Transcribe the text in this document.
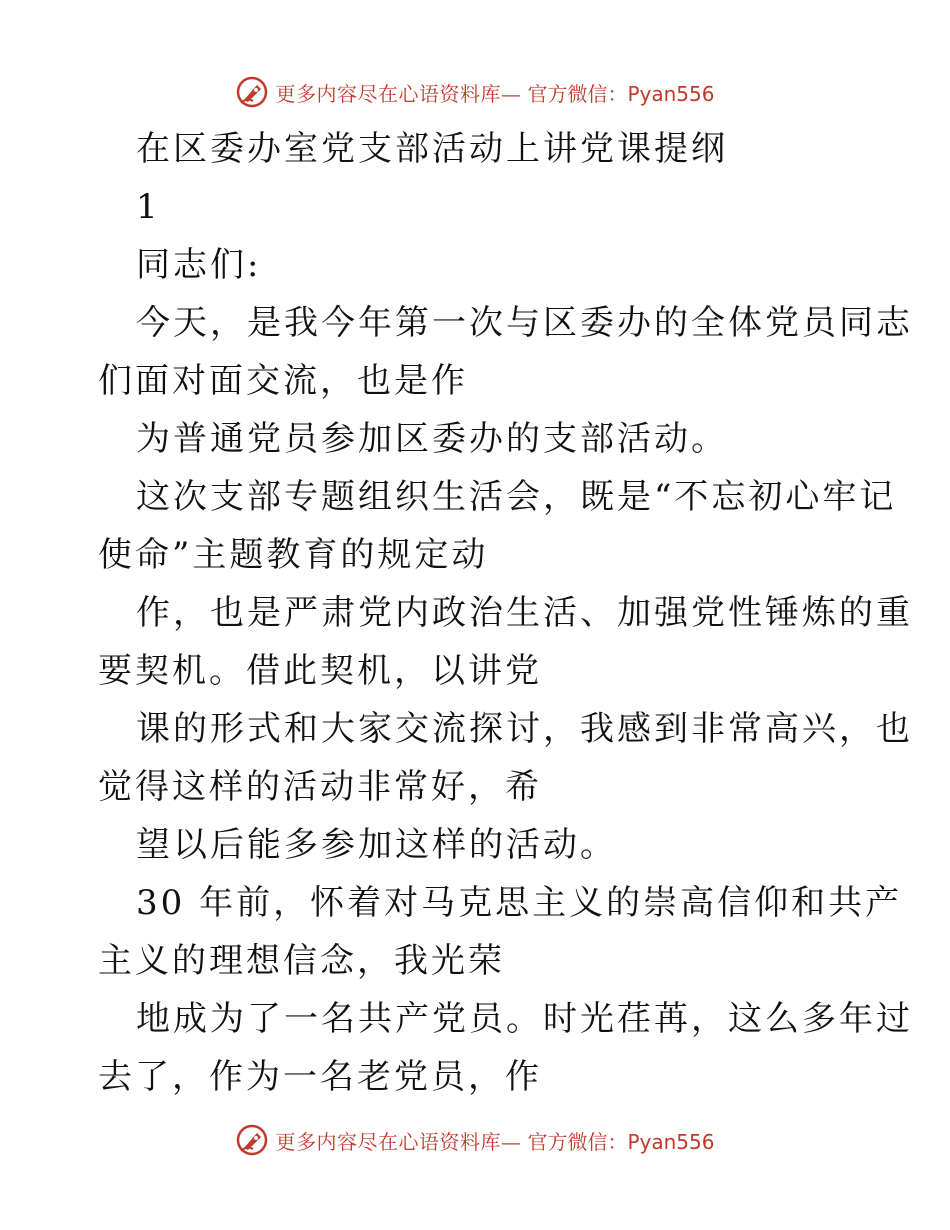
更多内容尽在心语资料库— 官方微信：Pyan556
在区委办室党支部活动上讲党课提纲
1
同志们:
今天，是我今年第一次与区委办的全体党员同志
们面对面交流，也是作
为普通党员参加区委办的支部活动。
这次支部专题组织生活会，既是“不忘初心牢记
使命”主题教育的规定动
作，也是严肃党内政治生活、加强党性锤炼的重
要契机。借此契机，以讲党
课的形式和大家交流探讨，我感到非常高兴，也
觉得这样的活动非常好，希
望以后能多参加这样的活动。
30 年前，怀着对马克思主义的崇高信仰和共产
主义的理想信念，我光荣
地成为了一名共产党员。时光荏苒，这么多年过
去了，作为一名老党员，作
更多内容尽在心语资料库— 官方微信：Pyan556
